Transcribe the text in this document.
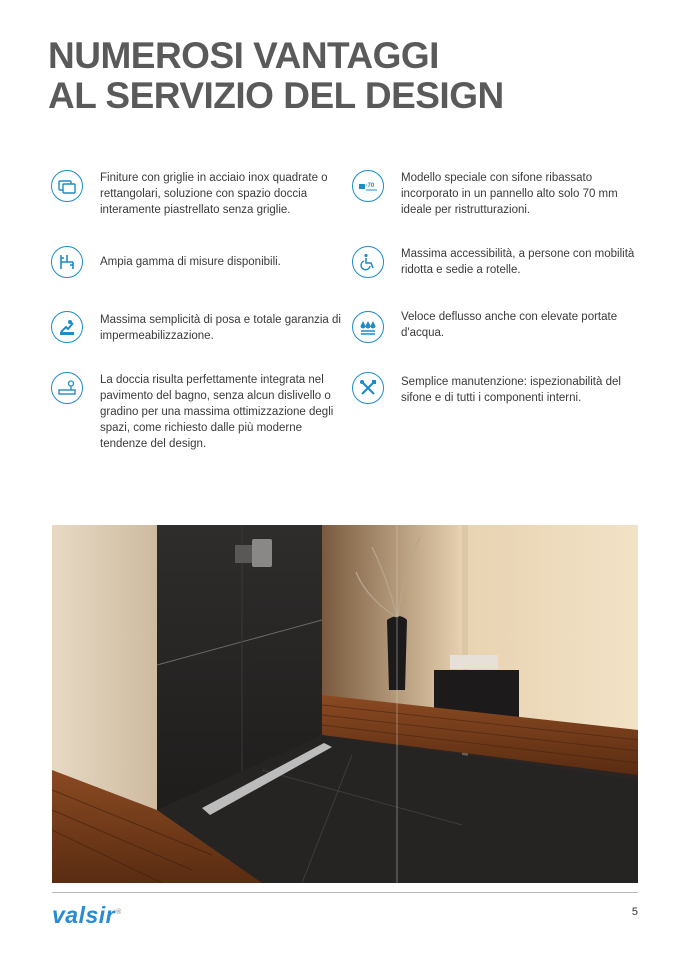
NUMEROSI VANTAGGI
AL SERVIZIO DEL DESIGN
Finiture con griglie in acciaio inox quadrate o rettangolari, soluzione con spazio doccia interamente piastrellato senza griglie.
Ampia gamma di misure disponibili.
Massima semplicità di posa e totale garanzia di impermeabilizzazione.
La doccia risulta perfettamente integrata nel pavimento del bagno, senza alcun dislivello o gradino per una massima ottimizzazione degli spazi, come richiesto dalle più moderne tendenze del design.
-70
Modello speciale con sifone ribassato incorporato in un pannello alto solo 70 mm ideale per ristrutturazioni.
Massima accessibilità, a persone con mobilità ridotta e sedie a rotelle.
Veloce deflusso anche con elevate portate d'acqua.
Semplice manutenzione: ispezionabilità del sifone e di tutti i componenti interni.
valsir®	5
